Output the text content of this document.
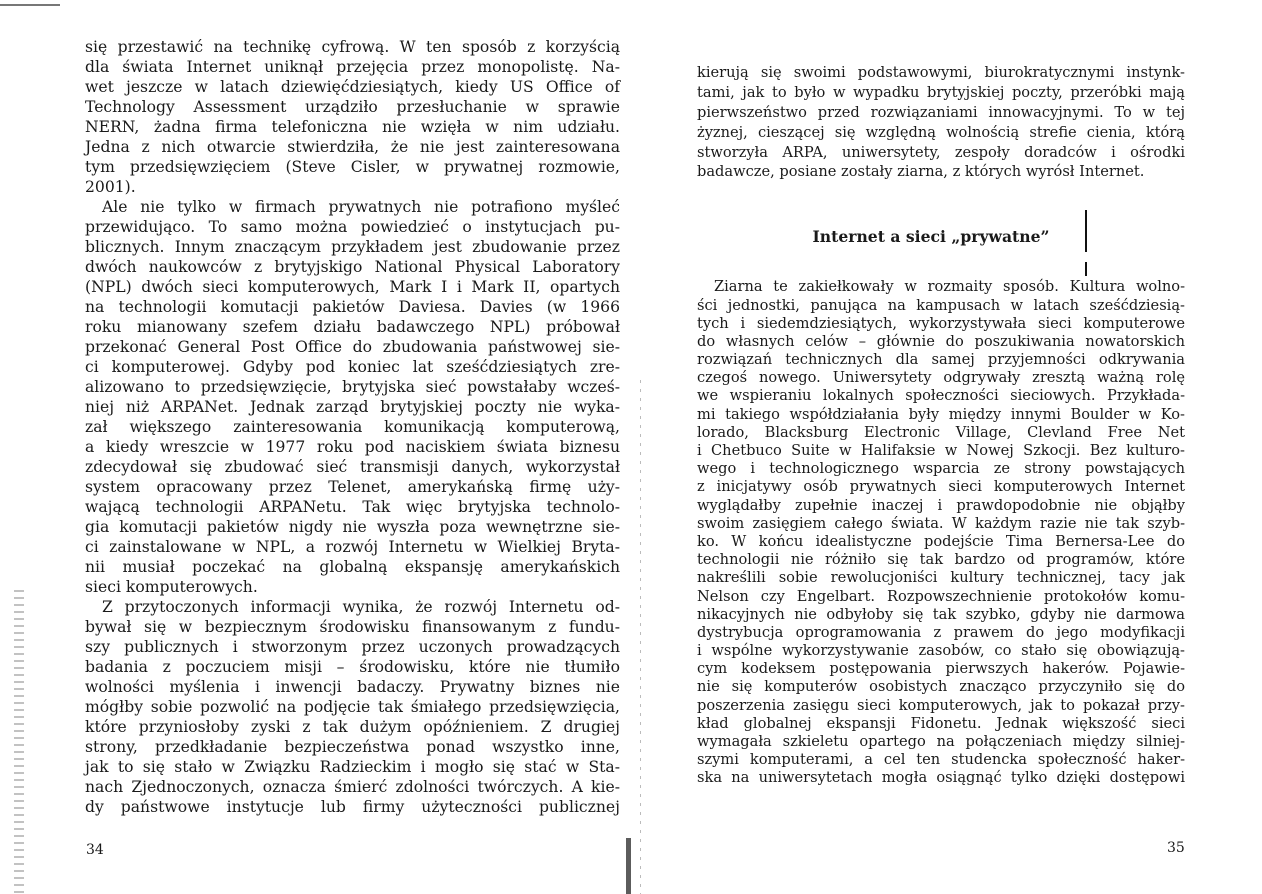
się przestawić na technikę cyfrową. W ten sposób z korzyścią
dla świata Internet uniknął przejęcia przez monopolistę. Na-
wet jeszcze w latach dziewięćdziesiątych, kiedy US Office of
Technology Assessment urządziło przesłuchanie w sprawie
NERN, żadna firma telefoniczna nie wzięła w nim udziału.
Jedna z nich otwarcie stwierdziła, że nie jest zainteresowana
tym przedsięwzięciem (Steve Cisler, w prywatnej rozmowie,
2001).
Ale nie tylko w firmach prywatnych nie potrafiono myśleć
przewidująco. To samo można powiedzieć o instytucjach pu-
blicznych. Innym znaczącym przykładem jest zbudowanie przez
dwóch naukowców z brytyjskigo National Physical Laboratory
(NPL) dwóch sieci komputerowych, Mark I i Mark II, opartych
na technologii komutacji pakietów Daviesa. Davies (w 1966
roku mianowany szefem działu badawczego NPL) próbował
przekonać General Post Office do zbudowania państwowej sie-
ci komputerowej. Gdyby pod koniec lat sześćdziesiątych zre-
alizowano to przedsięwzięcie, brytyjska sieć powstałaby wcześ-
niej niż ARPANet. Jednak zarząd brytyjskiej poczty nie wyka-
zał większego zainteresowania komunikacją komputerową,
a kiedy wreszcie w 1977 roku pod naciskiem świata biznesu
zdecydował się zbudować sieć transmisji danych, wykorzystał
system opracowany przez Telenet, amerykańską firmę uży-
wającą technologii ARPANetu. Tak więc brytyjska technolo-
gia komutacji pakietów nigdy nie wyszła poza wewnętrzne sie-
ci zainstalowane w NPL, a rozwój Internetu w Wielkiej Bryta-
nii musiał poczekać na globalną ekspansję amerykańskich
sieci komputerowych.
Z przytoczonych informacji wynika, że rozwój Internetu od-
bywał się w bezpiecznym środowisku finansowanym z fundu-
szy publicznych i stworzonym przez uczonych prowadzących
badania z poczuciem misji – środowisku, które nie tłumiło
wolności myślenia i inwencji badaczy. Prywatny biznes nie
mógłby sobie pozwolić na podjęcie tak śmiałego przedsięwzięcia,
które przyniosłoby zyski z tak dużym opóźnieniem. Z drugiej
strony, przedkładanie bezpieczeństwa ponad wszystko inne,
jak to się stało w Związku Radzieckim i mogło się stać w Sta-
nach Zjednoczonych, oznacza śmierć zdolności twórczych. A kie-
dy państwowe instytucje lub firmy użyteczności publicznej
kierują się swoimi podstawowymi, biurokratycznymi instynk-
tami, jak to było w wypadku brytyjskiej poczty, przeróbki mają
pierwszeństwo przed rozwiązaniami innowacyjnymi. To w tej
żyznej, cieszącej się względną wolnością strefie cienia, którą
stworzyła ARPA, uniwersytety, zespoły doradców i ośrodki
badawcze, posiane zostały ziarna, z których wyrósł Internet.
Internet a sieci „prywatne”
Ziarna te zakiełkowały w rozmaity sposób. Kultura wolno-
ści jednostki, panująca na kampusach w latach sześćdziesią-
tych i siedemdziesiątych, wykorzystywała sieci komputerowe
do własnych celów – głównie do poszukiwania nowatorskich
rozwiązań technicznych dla samej przyjemności odkrywania
czegoś nowego. Uniwersytety odgrywały zresztą ważną rolę
we wspieraniu lokalnych społeczności sieciowych. Przykłada-
mi takiego współdziałania były między innymi Boulder w Ko-
lorado, Blacksburg Electronic Village, Clevland Free Net
i Chetbuco Suite w Halifaksie w Nowej Szkocji. Bez kulturo-
wego i technologicznego wsparcia ze strony powstających
z inicjatywy osób prywatnych sieci komputerowych Internet
wyglądałby zupełnie inaczej i prawdopodobnie nie objąłby
swoim zasięgiem całego świata. W każdym razie nie tak szyb-
ko. W końcu idealistyczne podejście Tima Bernersa-Lee do
technologii nie różniło się tak bardzo od programów, które
nakreślili sobie rewolucjoniści kultury technicznej, tacy jak
Nelson czy Engelbart. Rozpowszechnienie protokołów komu-
nikacyjnych nie odbyłoby się tak szybko, gdyby nie darmowa
dystrybucja oprogramowania z prawem do jego modyfikacji
i wspólne wykorzystywanie zasobów, co stało się obowiązują-
cym kodeksem postępowania pierwszych hakerów. Pojawie-
nie się komputerów osobistych znacząco przyczyniło się do
poszerzenia zasięgu sieci komputerowych, jak to pokazał przy-
kład globalnej ekspansji Fidonetu. Jednak większość sieci
wymagała szkieletu opartego na połączeniach między silniej-
szymi komputerami, a cel ten studencka społeczność haker-
ska na uniwersytetach mogła osiągnąć tylko dzięki dostępowi
34	35
